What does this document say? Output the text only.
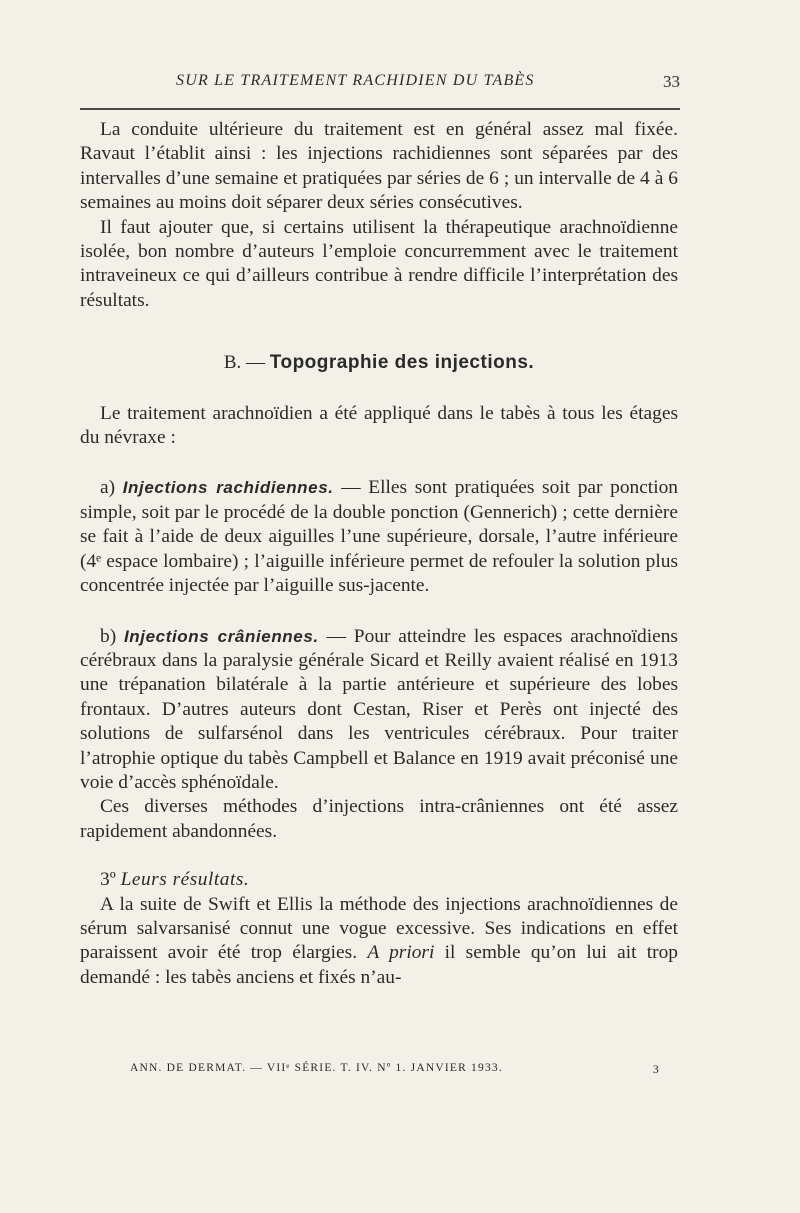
SUR LE TRAITEMENT RACHIDIEN DU TABÈS	33

La conduite ultérieure du traitement est en général assez mal fixée. Ravaut l’établit ainsi : les injections rachidiennes sont séparées par des intervalles d’une semaine et pratiquées par séries de 6 ; un intervalle de 4 à 6 semaines au moins doit séparer deux séries consécutives.

Il faut ajouter que, si certains utilisent la thérapeutique arachnoïdienne isolée, bon nombre d’auteurs l’emploie concurremment avec le traitement intraveineux ce qui d’ailleurs contribue à rendre difficile l’interprétation des résultats.

B. — Topographie des injections.

Le traitement arachnoïdien a été appliqué dans le tabès à tous les étages du névraxe :

a) Injections rachidiennes. — Elles sont pratiquées soit par ponction simple, soit par le procédé de la double ponction (Gennerich) ; cette dernière se fait à l’aide de deux aiguilles l’une supérieure, dorsale, l’autre inférieure (4ᵉ espace lombaire) ; l’aiguille inférieure permet de refouler la solution plus concentrée injectée par l’aiguille sus-jacente.

b) Injections crâniennes. — Pour atteindre les espaces arachnoïdiens cérébraux dans la paralysie générale Sicard et Reilly avaient réalisé en 1913 une trépanation bilatérale à la partie antérieure et supérieure des lobes frontaux. D’autres auteurs dont Cestan, Riser et Perès ont injecté des solutions de sulfarsénol dans les ventricules cérébraux. Pour traiter l’atrophie optique du tabès Campbell et Balance en 1919 avait préconisé une voie d’accès sphénoïdale.

Ces diverses méthodes d’injections intra-crâniennes ont été assez rapidement abandonnées.

3º Leurs résultats.

A la suite de Swift et Ellis la méthode des injections arachnoïdiennes de sérum salvarsanisé connut une vogue excessive. Ses indications en effet paraissent avoir été trop élargies. A priori il semble qu’on lui ait trop demandé : les tabès anciens et fixés n’au-

ANN. DE DERMAT. — VIIᵉ SÉRIE. T. IV. Nº 1. JANVIER 1933.	3
